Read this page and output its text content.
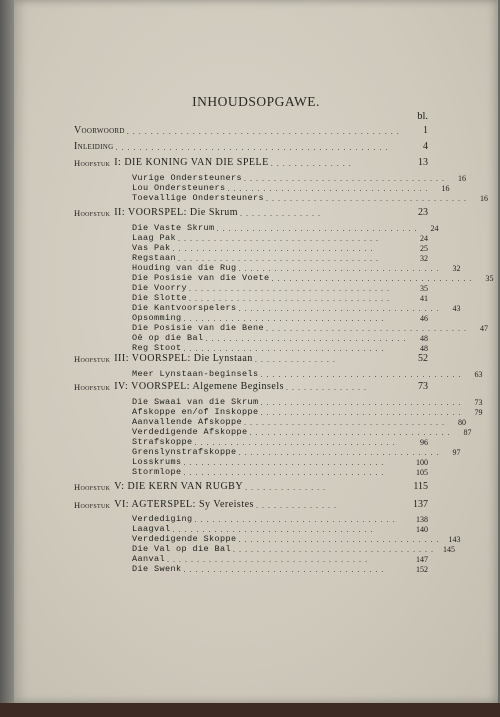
INHOUDSOPGAWE.
bl.
Voorwoord ..............................................	1
Inleiding ..............................................	4
Hoofstuk I: DIE KONING VAN DIE SPELE ..............	13
Vurige Ondersteuners ..................................	16
Lou Ondersteuners ..................................	16
Toevallige Ondersteuners ..................................	16
Hoofstuk II: VOORSPEL: Die Skrum ..............	23
Die Vaste Skrum ..................................	24
Laag Pak ..................................	24
Vas Pak ..................................	25
Regstaan ..................................	32
Houding van die Rug ..................................	32
Die Posisie van die Voete ..................................	35
Die Voorry ..................................	35
Die Slotte ..................................	41
Die Kantvoorspelers ..................................	43
Opsomming ..................................	46
Die Posisie van die Bene ..................................	47
Oë op die Bal ..................................	48
Reg Stoot ..................................	48
Hoofstuk III: VOORSPEL: Die Lynstaan ..............	52
Meer Lynstaan-beginsels ..................................	63
Hoofstuk IV: VOORSPEL: Algemene Beginsels ..............	73
Die Swaai van die Skrum ..................................	73
Afskoppe en/of Inskoppe ..................................	79
Aanvallende Afskoppe ..................................	80
Verdedigende Afskoppe ..................................	87
Strafskoppe ..................................	96
Grenslynstrafskoppe ..................................	97
Losskrums ..................................	100
Stormlope ..................................	105
Hoofstuk V: DIE KERN VAN RUGBY ..............	115
Hoofstuk VI: AGTERSPEL: Sy Vereistes ..............	137
Verdediging ..................................	138
Laagval ..................................	140
Verdedigende Skoppe .................................. 143
Die Val op die Bal .................................. 145
Aanval ..................................	147
Die Swenk ..................................	152
